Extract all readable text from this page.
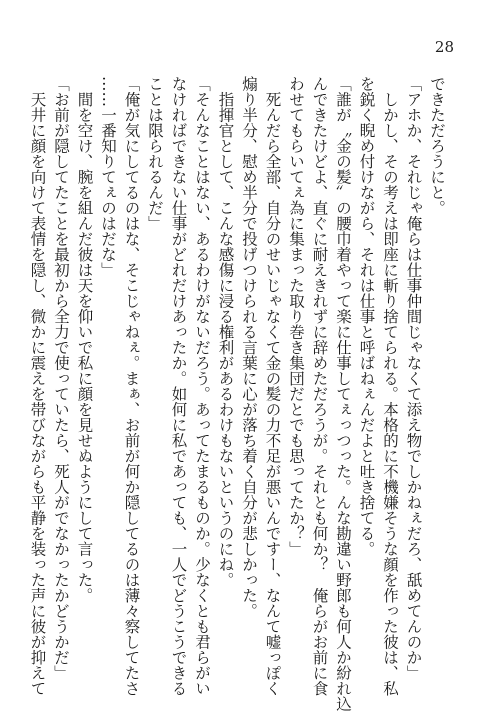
28
できただろうにと。
「アホか、それじゃ俺らは仕事仲間じゃなくて添え物でしかねぇだろ、舐めてんのか」
　しかし、その考えは即座に斬り捨てられる。本格的に不機嫌そうな顔を作った彼は、私
を鋭く睨め付けながら、それは仕事と呼ばねぇんだよと吐き捨てる。
「誰が〝金の髪〟の腰巾着やって楽に仕事してぇっつった。んな勘違い野郎も何人か紛れ込
んできたけどよ、直ぐに耐えきれずに辞めただろうが。それとも何か？　俺らがお前に食
わせてもらいてぇ為に集まった取り巻き集団だとでも思ってたか？」
　死んだら全部、自分のせいじゃなくて金の髪の力不足が悪いんですー、なんて嘘っぽく
煽り半分、慰め半分で投げつけられる言葉に心が落ち着く自分が悲しかった。
　指揮官として、こんな感傷に浸る権利があるわけもないというのにね。
「そんなことはない、あるわけがないだろう。あってたまるものか。少なくとも君らがい
なければできない仕事がどれだけあったか。如何に私であっても、一人でどうこうできる
ことは限られるんだ」
「俺が気にしてるのはな、そこじゃねぇ。まぁ、お前が何か隠してるのは薄々察してたさ
……一番知りてぇのはだな」
　間を空け、腕を組んだ彼は天を仰いで私に顔を見せぬようにして言った。
「お前が隠してたことを最初から全力で使っていたら、死人がでなかったかどうかだ」
　天井に顔を向けて表情を隠し、微かに震えを帯びながらも平静を装った声に彼が抑えて
